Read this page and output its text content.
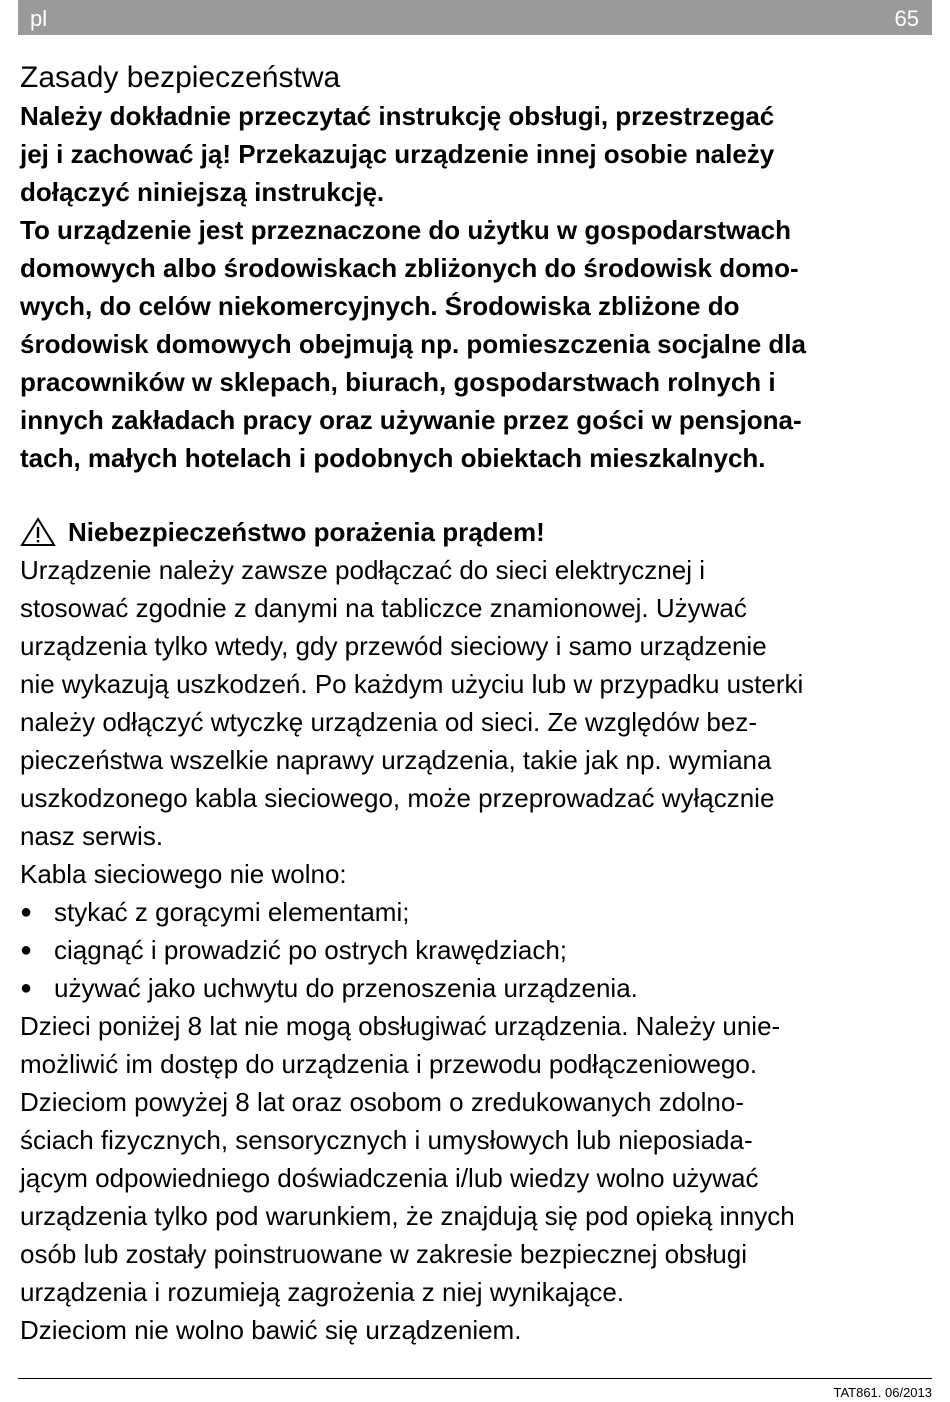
pl	65
Zasady bezpieczeństwa
Należy dokładnie przeczytać instrukcję obsługi, przestrzegać
jej i zachować ją! Przekazując urządzenie innej osobie należy
dołączyć niniejszą instrukcję.
To urządzenie jest przeznaczone do użytku w gospodarstwach
domowych albo środowiskach zbliżonych do środowisk domo-
wych, do celów niekomercyjnych. Środowiska zbliżone do
środowisk domowych obejmują np. pomieszczenia socjalne dla
pracowników w sklepach, biurach, gospodarstwach rolnych i
innych zakładach pracy oraz używanie przez gości w pensjona-
tach, małych hotelach i podobnych obiektach mieszkalnych.
Niebezpieczeństwo porażenia prądem!
Urządzenie należy zawsze podłączać do sieci elektrycznej i
stosować zgodnie z danymi na tabliczce znamionowej. Używać
urządzenia tylko wtedy, gdy przewód sieciowy i samo urządzenie
nie wykazują uszkodzeń. Po każdym użyciu lub w przypadku usterki
należy odłączyć wtyczkę urządzenia od sieci. Ze względów bez-
pieczeństwa wszelkie naprawy urządzenia, takie jak np. wymiana
uszkodzonego kabla sieciowego, może przeprowadzać wyłącznie
nasz serwis.
Kabla sieciowego nie wolno:
● stykać z gorącymi elementami;
● ciągnąć i prowadzić po ostrych krawędziach;
● używać jako uchwytu do przenoszenia urządzenia.
Dzieci poniżej 8 lat nie mogą obsługiwać urządzenia. Należy unie-
możliwić im dostęp do urządzenia i przewodu podłączeniowego.
Dzieciom powyżej 8 lat oraz osobom o zredukowanych zdolno-
ściach fizycznych, sensorycznych i umysłowych lub nieposiada-
jącym odpowiedniego doświadczenia i/lub wiedzy wolno używać
urządzenia tylko pod warunkiem, że znajdują się pod opieką innych
osób lub zostały poinstruowane w zakresie bezpiecznej obsługi
urządzenia i rozumieją zagrożenia z niej wynikające.
Dzieciom nie wolno bawić się urządzeniem.
TAT861. 06/2013
